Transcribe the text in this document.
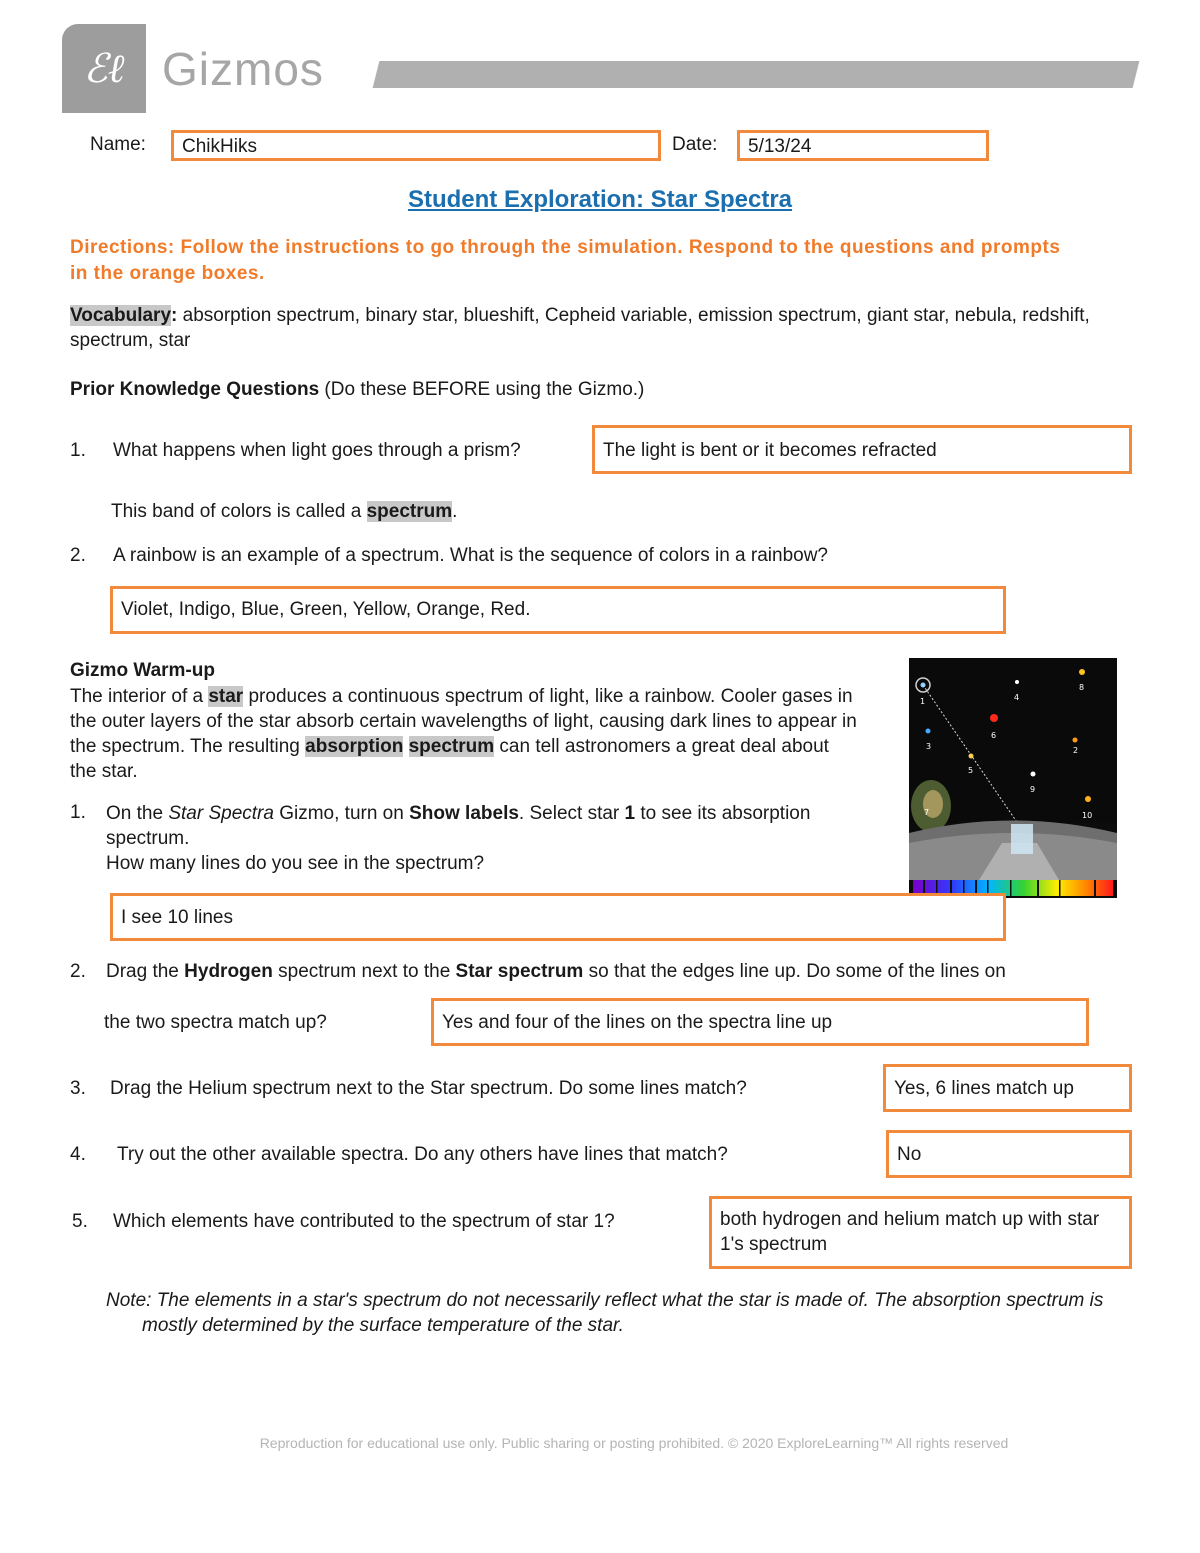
ℰℓ Gizmos
Name:	ChikHiks	Date:	5/13/24
Student Exploration: Star Spectra
Directions: Follow the instructions to go through the simulation. Respond to the questions and prompts in the orange boxes.
Vocabulary: absorption spectrum, binary star, blueshift, Cepheid variable, emission spectrum, giant star, nebula, redshift, spectrum, star
Prior Knowledge Questions (Do these BEFORE using the Gizmo.)
1. What happens when light goes through a prism?	The light is bent or it becomes refracted
This band of colors is called a spectrum.
2. A rainbow is an example of a spectrum. What is the sequence of colors in a rainbow?
Violet, Indigo, Blue, Green, Yellow, Orange, Red.
Gizmo Warm-up
The interior of a star produces a continuous spectrum of light, like a rainbow. Cooler gases in the outer layers of the star absorb certain wavelengths of light, causing dark lines to appear in the spectrum. The resulting absorption spectrum can tell astronomers a great deal about the star.
1
2
3
4
5
6
7
8
9
10
1. On the Star Spectra Gizmo, turn on Show labels. Select star 1 to see its absorption spectrum.
How many lines do you see in the spectrum?
I see 10 lines
2. Drag the Hydrogen spectrum next to the Star spectrum so that the edges line up. Do some of the lines on
the two spectra match up?	Yes and four of the lines on the spectra line up
3. Drag the Helium spectrum next to the Star spectrum. Do some lines match?	Yes, 6 lines match up
4. Try out the other available spectra. Do any others have lines that match?	No
5. Which elements have contributed to the spectrum of star 1?	both hydrogen and helium match up with star 1's spectrum
Note: The elements in a star's spectrum do not necessarily reflect what the star is made of. The absorption spectrum is mostly determined by the surface temperature of the star.
Reproduction for educational use only. Public sharing or posting prohibited. © 2020 ExploreLearning™ All rights reserved
